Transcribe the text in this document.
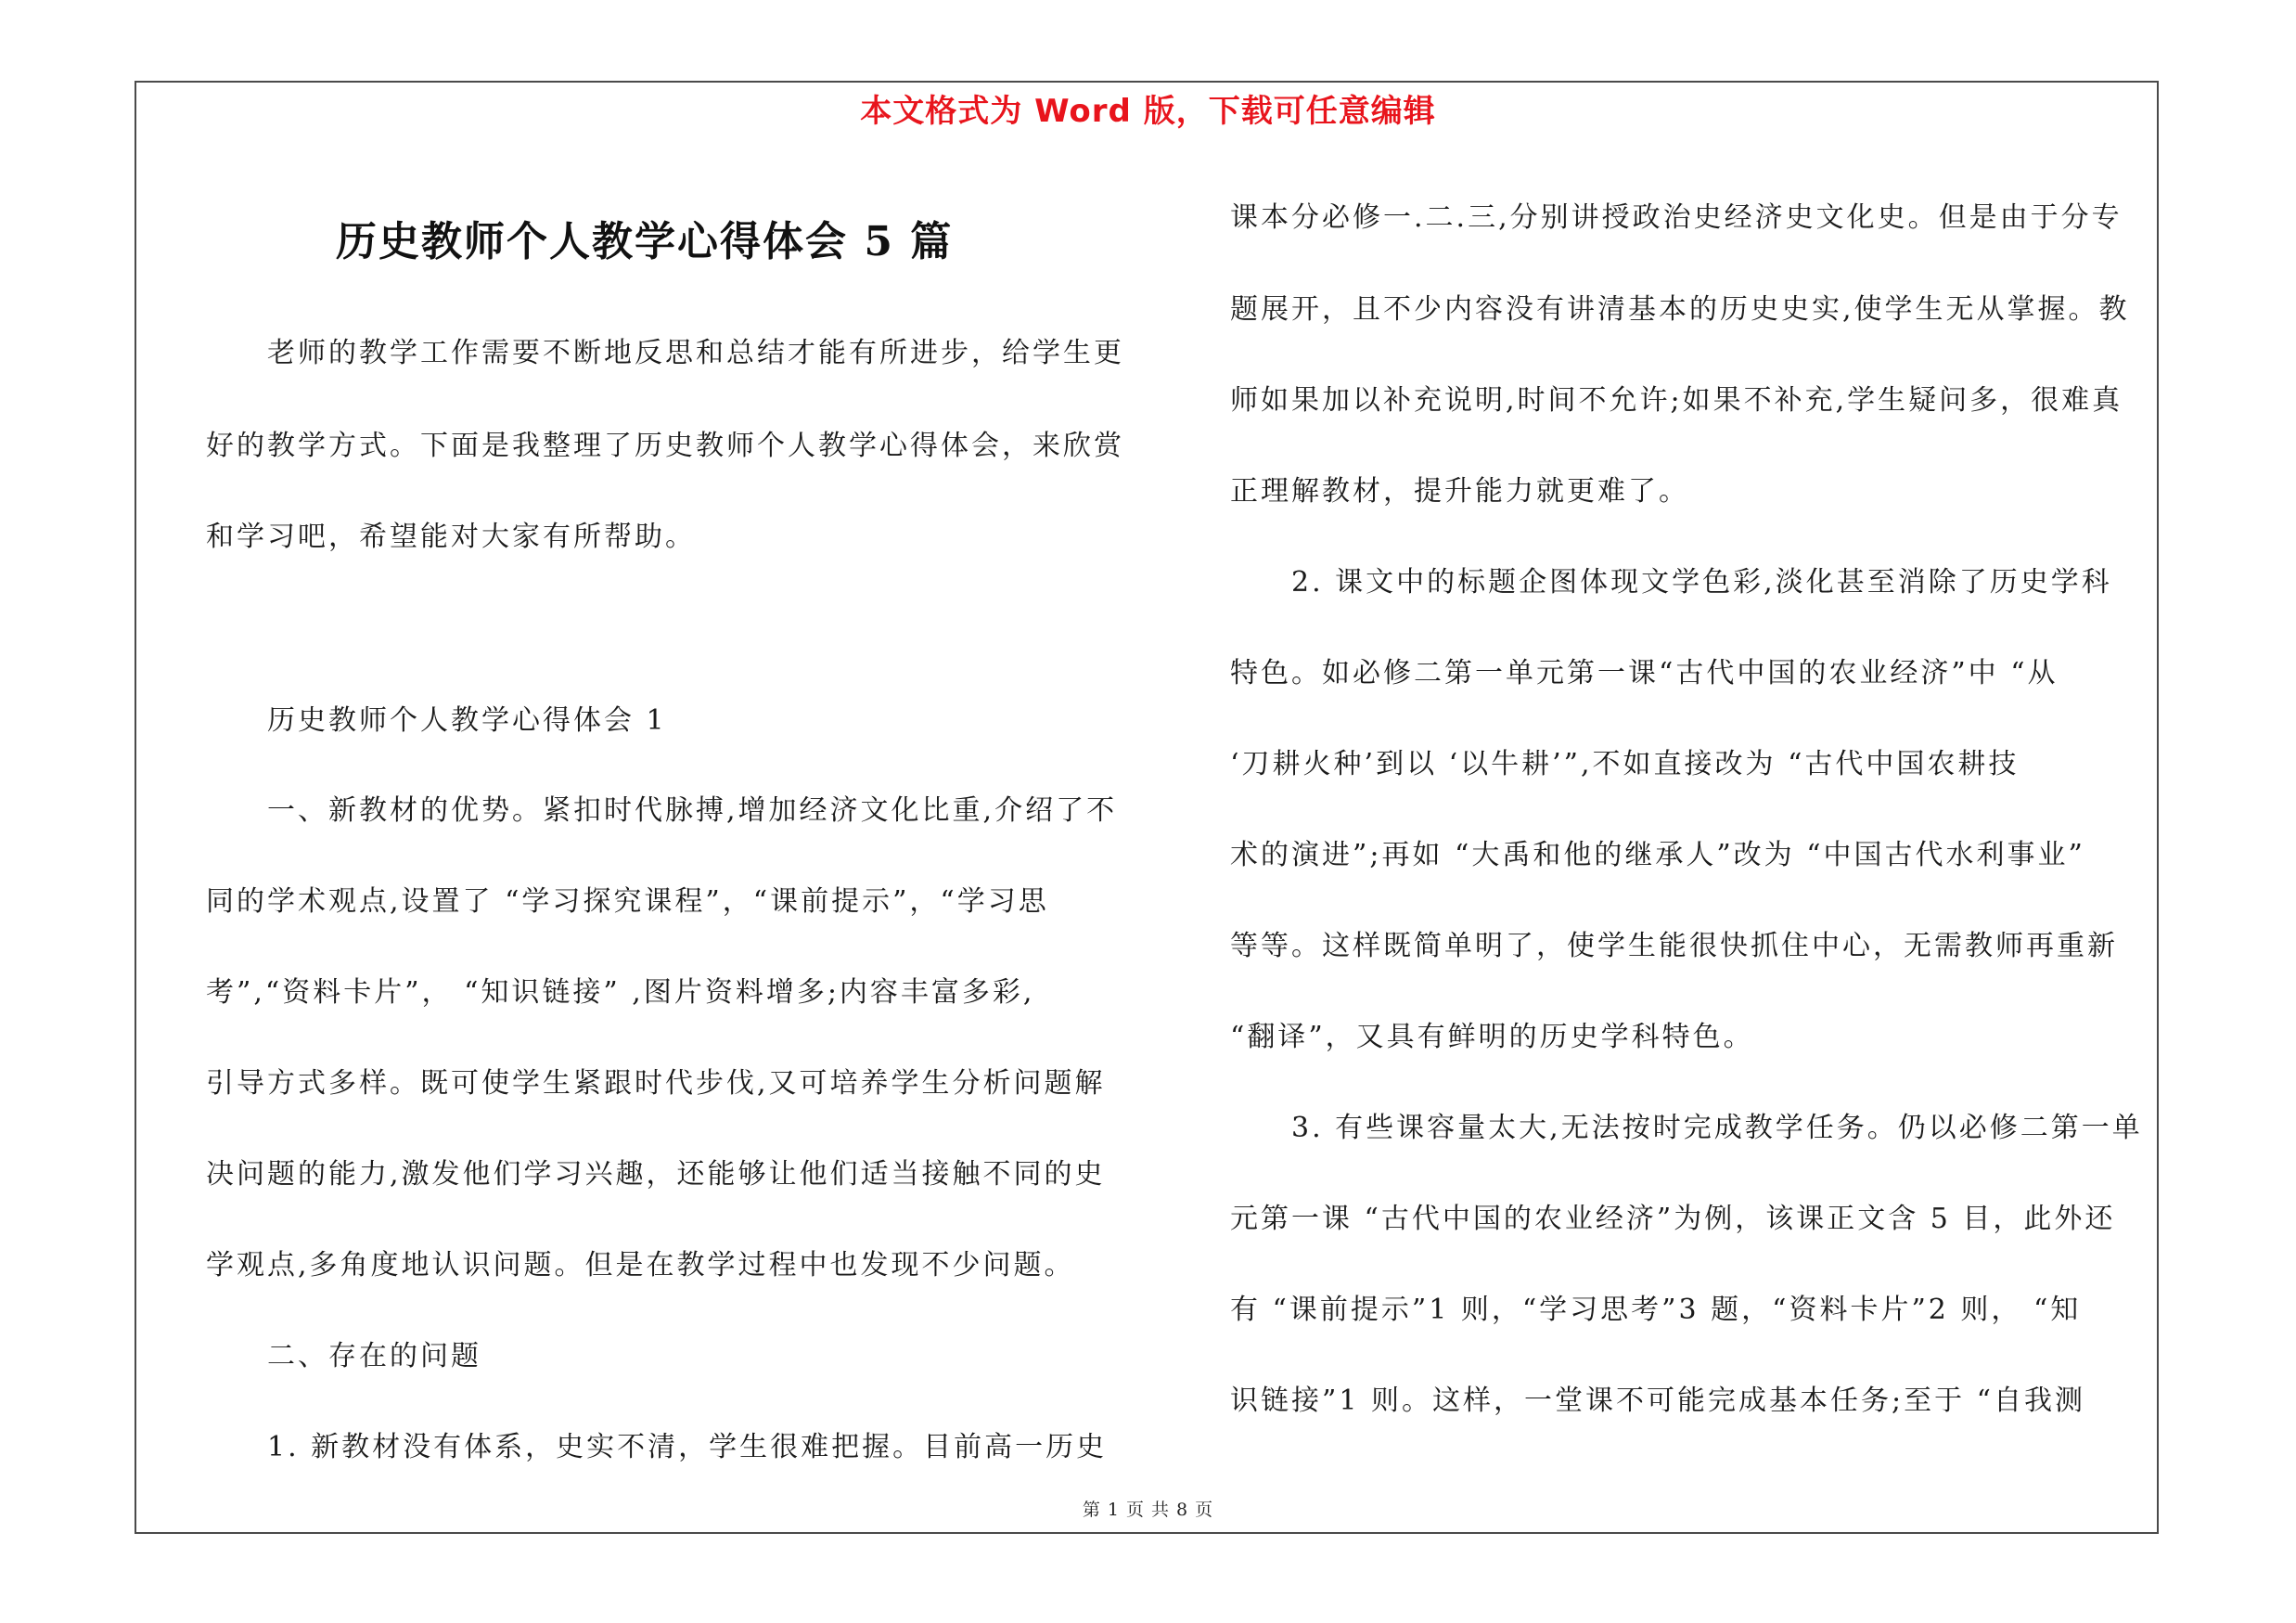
本文格式为 Word 版，下载可任意编辑
历史教师个人教学心得体会 5 篇
　　老师的教学工作需要不断地反思和总结才能有所进步，给学生更
好的教学方式。下面是我整理了历史教师个人教学心得体会，来欣赏
和学习吧，希望能对大家有所帮助。
　　历史教师个人教学心得体会 1
　　一、新教材的优势。紧扣时代脉搏,增加经济文化比重,介绍了不
同的学术观点,设置了 “学习探究课程”，“课前提示”，“学习思
考”,“资料卡片”， “知识链接” ,图片资料增多;内容丰富多彩,
引导方式多样。既可使学生紧跟时代步伐,又可培养学生分析问题解
决问题的能力,激发他们学习兴趣，还能够让他们适当接触不同的史
学观点,多角度地认识问题。但是在教学过程中也发现不少问题。
　　二、存在的问题
　　1. 新教材没有体系，史实不清，学生很难把握。目前高一历史
课本分必修一.二.三,分别讲授政治史经济史文化史。但是由于分专
题展开，且不少内容没有讲清基本的历史史实,使学生无从掌握。教
师如果加以补充说明,时间不允许;如果不补充,学生疑问多，很难真
正理解教材，提升能力就更难了。
　　2. 课文中的标题企图体现文学色彩,淡化甚至消除了历史学科
特色。如必修二第一单元第一课“古代中国的农业经济”中 “从
‘刀耕火种’到以 ‘以牛耕’”,不如直接改为 “古代中国农耕技
术的演进”;再如 “大禹和他的继承人”改为 “中国古代水利事业”
等等。这样既简单明了，使学生能很快抓住中心，无需教师再重新
“翻译”，又具有鲜明的历史学科特色。
　　3. 有些课容量太大,无法按时完成教学任务。仍以必修二第一单
元第一课 “古代中国的农业经济”为例，该课正文含 5 目，此外还
有 “课前提示”1 则，“学习思考”3 题，“资料卡片”2 则， “知
识链接”1 则。这样，一堂课不可能完成基本任务;至于 “自我测
第 1 页 共 8 页
